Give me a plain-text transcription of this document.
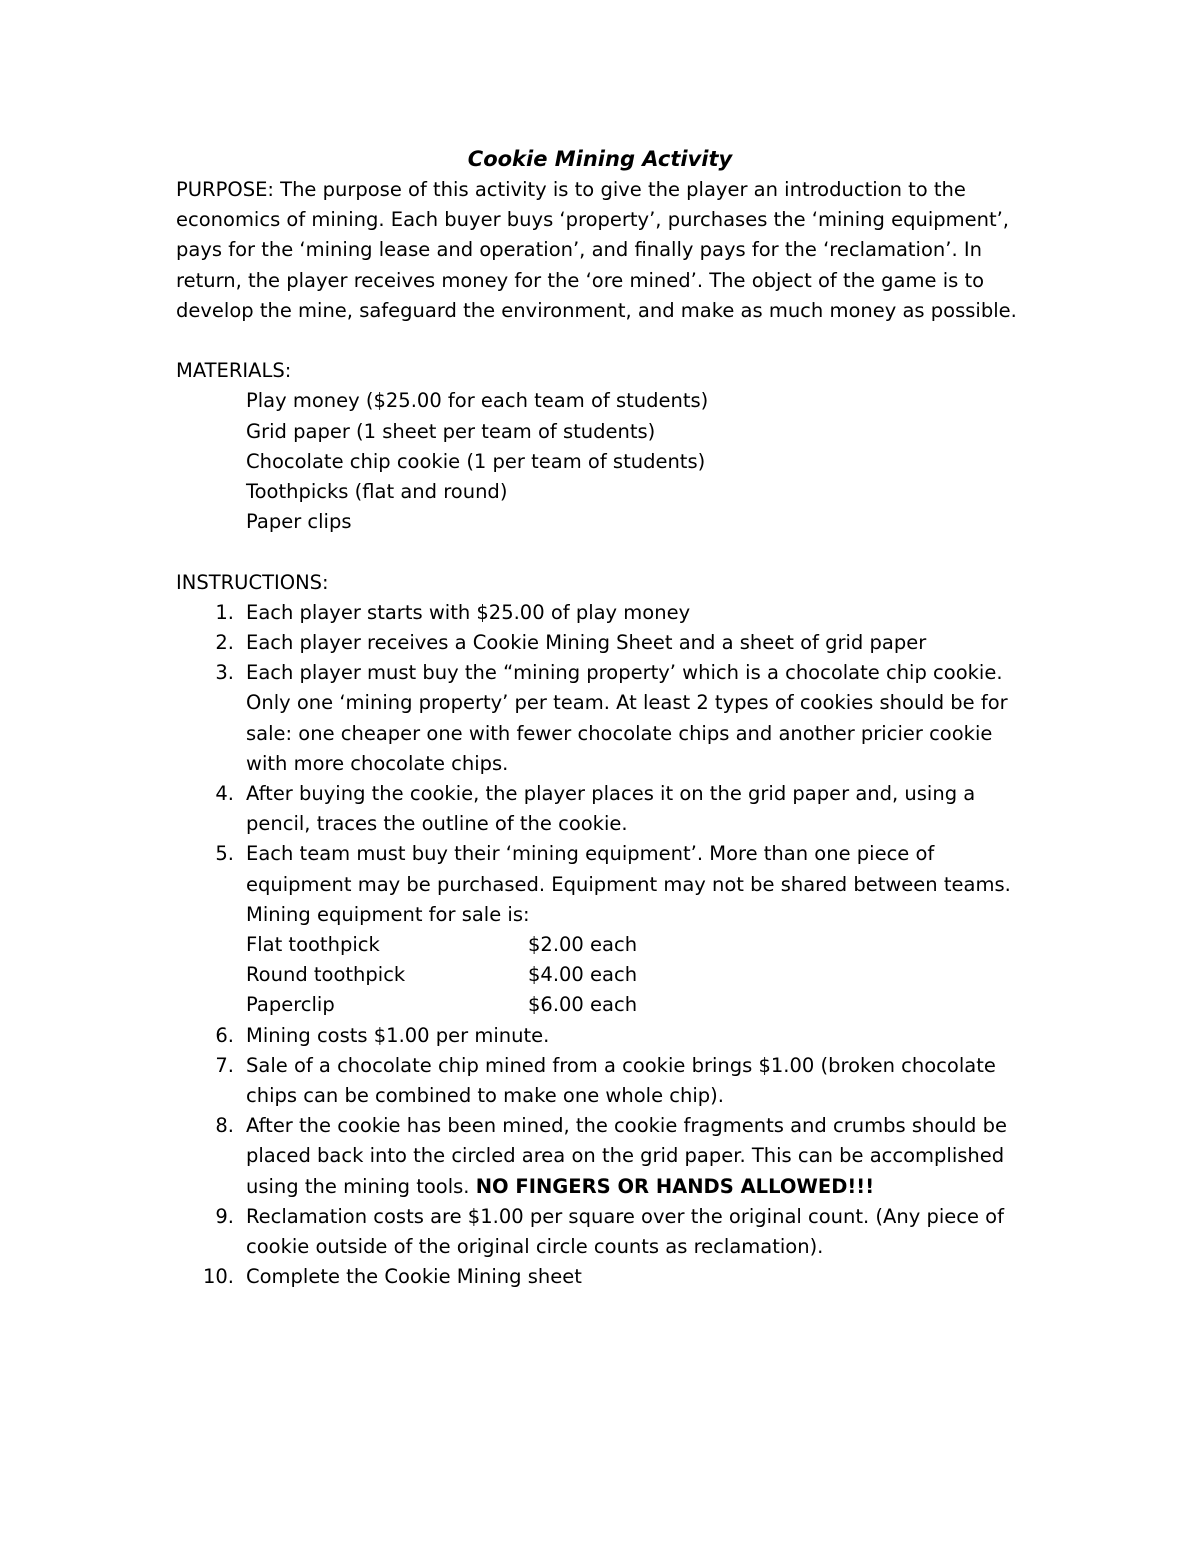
Cookie Mining Activity

PURPOSE: The purpose of this activity is to give the player an introduction to the economics of mining. Each buyer buys ‘property’, purchases the ‘mining equipment’, pays for the ‘mining lease and operation’, and finally pays for the ‘reclamation’. In return, the player receives money for the ‘ore mined’. The object of the game is to develop the mine, safeguard the environment, and make as much money as possible.

MATERIALS:

Play money ($25.00 for each team of students)
Grid paper (1 sheet per team of students)
Chocolate chip cookie (1 per team of students)
Toothpicks (flat and round)
Paper clips

INSTRUCTIONS:

1. Each player starts with $25.00 of play money
2. Each player receives a Cookie Mining Sheet and a sheet of grid paper
3. Each player must buy the “mining property’ which is a chocolate chip cookie. Only one ‘mining property’ per team. At least 2 types of cookies should be for sale: one cheaper one with fewer chocolate chips and another pricier cookie with more chocolate chips.
4. After buying the cookie, the player places it on the grid paper and, using a pencil, traces the outline of the cookie.
5. Each team must buy their ‘mining equipment’. More than one piece of equipment may be purchased. Equipment may not be shared between teams. Mining equipment for sale is:
Flat toothpick	$2.00 each
Round toothpick	$4.00 each
Paperclip	$6.00 each
6. Mining costs $1.00 per minute.
7. Sale of a chocolate chip mined from a cookie brings $1.00 (broken chocolate chips can be combined to make one whole chip).
8. After the cookie has been mined, the cookie fragments and crumbs should be placed back into the circled area on the grid paper. This can be accomplished using the mining tools. NO FINGERS OR HANDS ALLOWED!!!
9. Reclamation costs are $1.00 per square over the original count. (Any piece of cookie outside of the original circle counts as reclamation).
10. Complete the Cookie Mining sheet
